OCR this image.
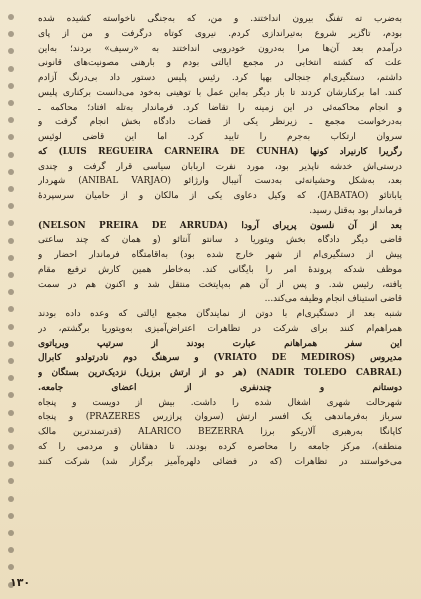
به‌ضرب ته تفنگ بیرون انداختند. و من، که به‌جنگی ناخواسته کشیده شده
بودم، تاگزیر شروع به‌تیراندازی کردم. نیروی کوتاه درگرفت و من از پای
درآمدم بعد آن‌ها مرا به‌درون خودرویی انداختند به «رسیف» بردند؛ به‌این
علت که کشته انتخابی در مجمع ایالتی بودم و بارهنی مصونیت‌های قانونی
داشتم، دستگیری‌ام جنجالی بهپا کرد. رئیس پلیس دستور داد بی‌درنگ آزادم
کنند. اما برکنارشان کردند تا باز دیگر به‌این عمل با توهینی به‌خود می‌دانست برکناری پلیس
و انجام محاکمه‌ئی در این زمینه را تقاضا کرد. فرماندار به‌تله افتاد؛ محاکمه ـ
به‌درخواست مجمع ـ زیرنظر یکی از قضات دادگاه بخش انجام گرفت و
سروان ارتکاب به‌جرم را تایید کرد. اما این قاضی لوئیس
رگریرا کارنیراد کونها (LUIS REGUEIRA CARNEIRA DE CUNHA) که
درستی‌اش خدشه ناپذیر بود، مورد نفرت اربابان سیاسی قرار گرفت و چندی
بعد، به‌شکل وحشیانه‌ئی به‌دست آنیبال وارژائو (ANIBAL VARJAO) شهردار
یاباتائو (JABATAO)، که وکیل دعاوی یکی از مالکان و از حامیان سرسپردهٔ
فرماندار بود به‌قتل رسید.
بعد از آن نلسون پریرای آرودا (NELSON PREIRA DE ARRUDA)
قاضی دیگر دادگاه بخش ویتوریا د سانتو آنتائو (و همان که چند ساعتی
پیش از دستگیری‌ام از شهر خارج شده بود) به‌اقامتگاه فرماندار احضار و
موظف شدکه پروندهٔ امر را بایگانی کند. به‌خاطر همین کارش ترفیع مقام
یافته، رئیس شد. و پس از آن هم به‌پایتخت منتقل شد و اکنون هم در سمت
قاضی استیناف انجام وظیفه می‌کند...
شنبه بعد از دستگیری‌ام با دوتن از نمایندگان مجمع ایالتی که وعده داده بودند
همراهم‌ام کنند برای شرکت در تظاهرات اعتراض‌آمیزی به‌ویتوریا برگشتم، در
این سفر همراهانم عبارت بودند از سرتیپ ویریاتوی
مدیروس (VRIATO DE MEDIROS) و سرهنگ دوم نادرتولدو کابرال
(NADIR TOLEDO CABRAL) (هر دو از ارتش برزیل) نزدیک‌ترین بستگان و
دوستانم و چندنفری از اعضای جامعه.
شهرحالت شهری اشغال شده را داشت. بیش از دویست و پنجاه
سرباز به‌فرماندهی یک افسر ارتش (سروان پرازرس PRAZERES) و پنجاه
کاپانگا به‌رهبری آلاریکو برزا ALARICO BEZERRA (قدرتمندترین مالک
منطقه)، مرکز جامعه را محاصره کرده بودند. تا دهقانان و مردمی را که
می‌خواستند در تظاهرات (که در فضائی دلهره‌آمیز برگزار شد) شرکت کنند
۱۳۰
